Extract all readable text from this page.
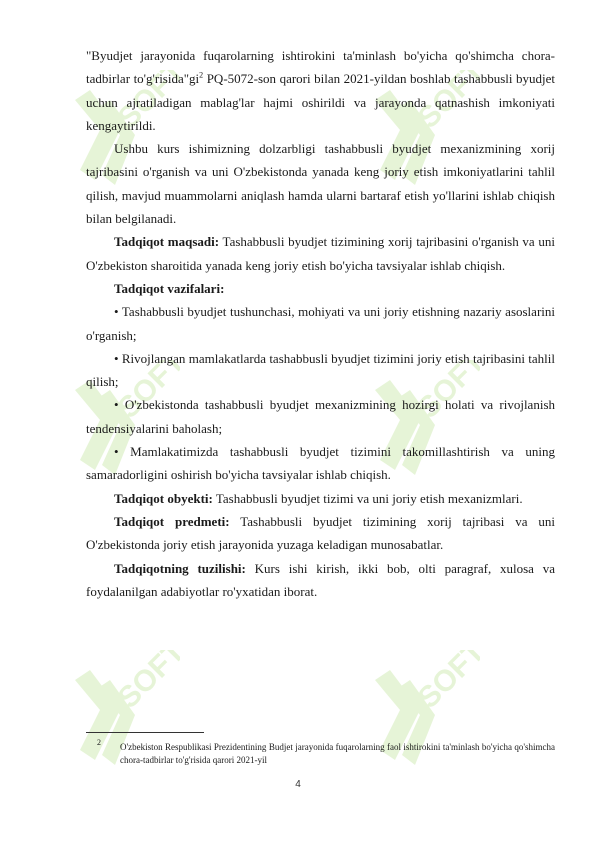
SOFT	SOFT
SOFT	SOFT
SOFT	SOFT

"Byudjet jarayonida fuqarolarning ishtirokini ta'minlash bo'yicha qo'shimcha chora-tadbirlar $to'g'risida"gi^2$ PQ-5072-son qarori bilan 2021-yildan boshlab tashabbusli byudjet uchun ajratiladigan mablag'lar hajmi oshirildi va jarayonda qatnashish imkoniyati kengaytirildi.

Ushbu kurs ishimizning dolzarbligi tashabbusli byudjet mexanizmining xorij tajribasini o'rganish va uni O'zbekistonda yanada keng joriy etish imkoniyatlarini tahlil qilish, mavjud muammolarni aniqlash hamda ularni bartaraf etish yo'llarini ishlab chiqish bilan belgilanadi.

Tadqiqot maqsadi: Tashabbusli byudjet tizimining xorij tajribasini o'rganish va uni O'zbekiston sharoitida yanada keng joriy etish bo'yicha tavsiyalar ishlab chiqish.

Tadqiqot vazifalari:

• Tashabbusli byudjet tushunchasi, mohiyati va uni joriy etishning nazariy asoslarini o'rganish;

• Rivojlangan mamlakatlarda tashabbusli byudjet tizimini joriy etish tajribasini tahlil qilish;

• O'zbekistonda tashabbusli byudjet mexanizmining hozirgi holati va rivojlanish tendensiyalarini baholash;

• Mamlakatimizda tashabbusli byudjet tizimini takomillashtirish va uning samaradorligini oshirish bo'yicha tavsiyalar ishlab chiqish.

Tadqiqot obyekti: Tashabbusli byudjet tizimi va uni joriy etish mexanizmlari.

Tadqiqot predmeti: Tashabbusli byudjet tizimining xorij tajribasi va uni O'zbekistonda joriy etish jarayonida yuzaga keladigan munosabatlar.

Tadqiqotning tuzilishi: Kurs ishi kirish, ikki bob, olti paragraf, xulosa va foydalanilgan adabiyotlar ro'yxatidan iborat.

2 O'zbekiston Respublikasi Prezidentining Budjet jarayonida fuqarolarning faol ishtirokini ta'minlash bo'yicha qo'shimcha chora-tadbirlar to'g'risida qarori 2021-yil
4
